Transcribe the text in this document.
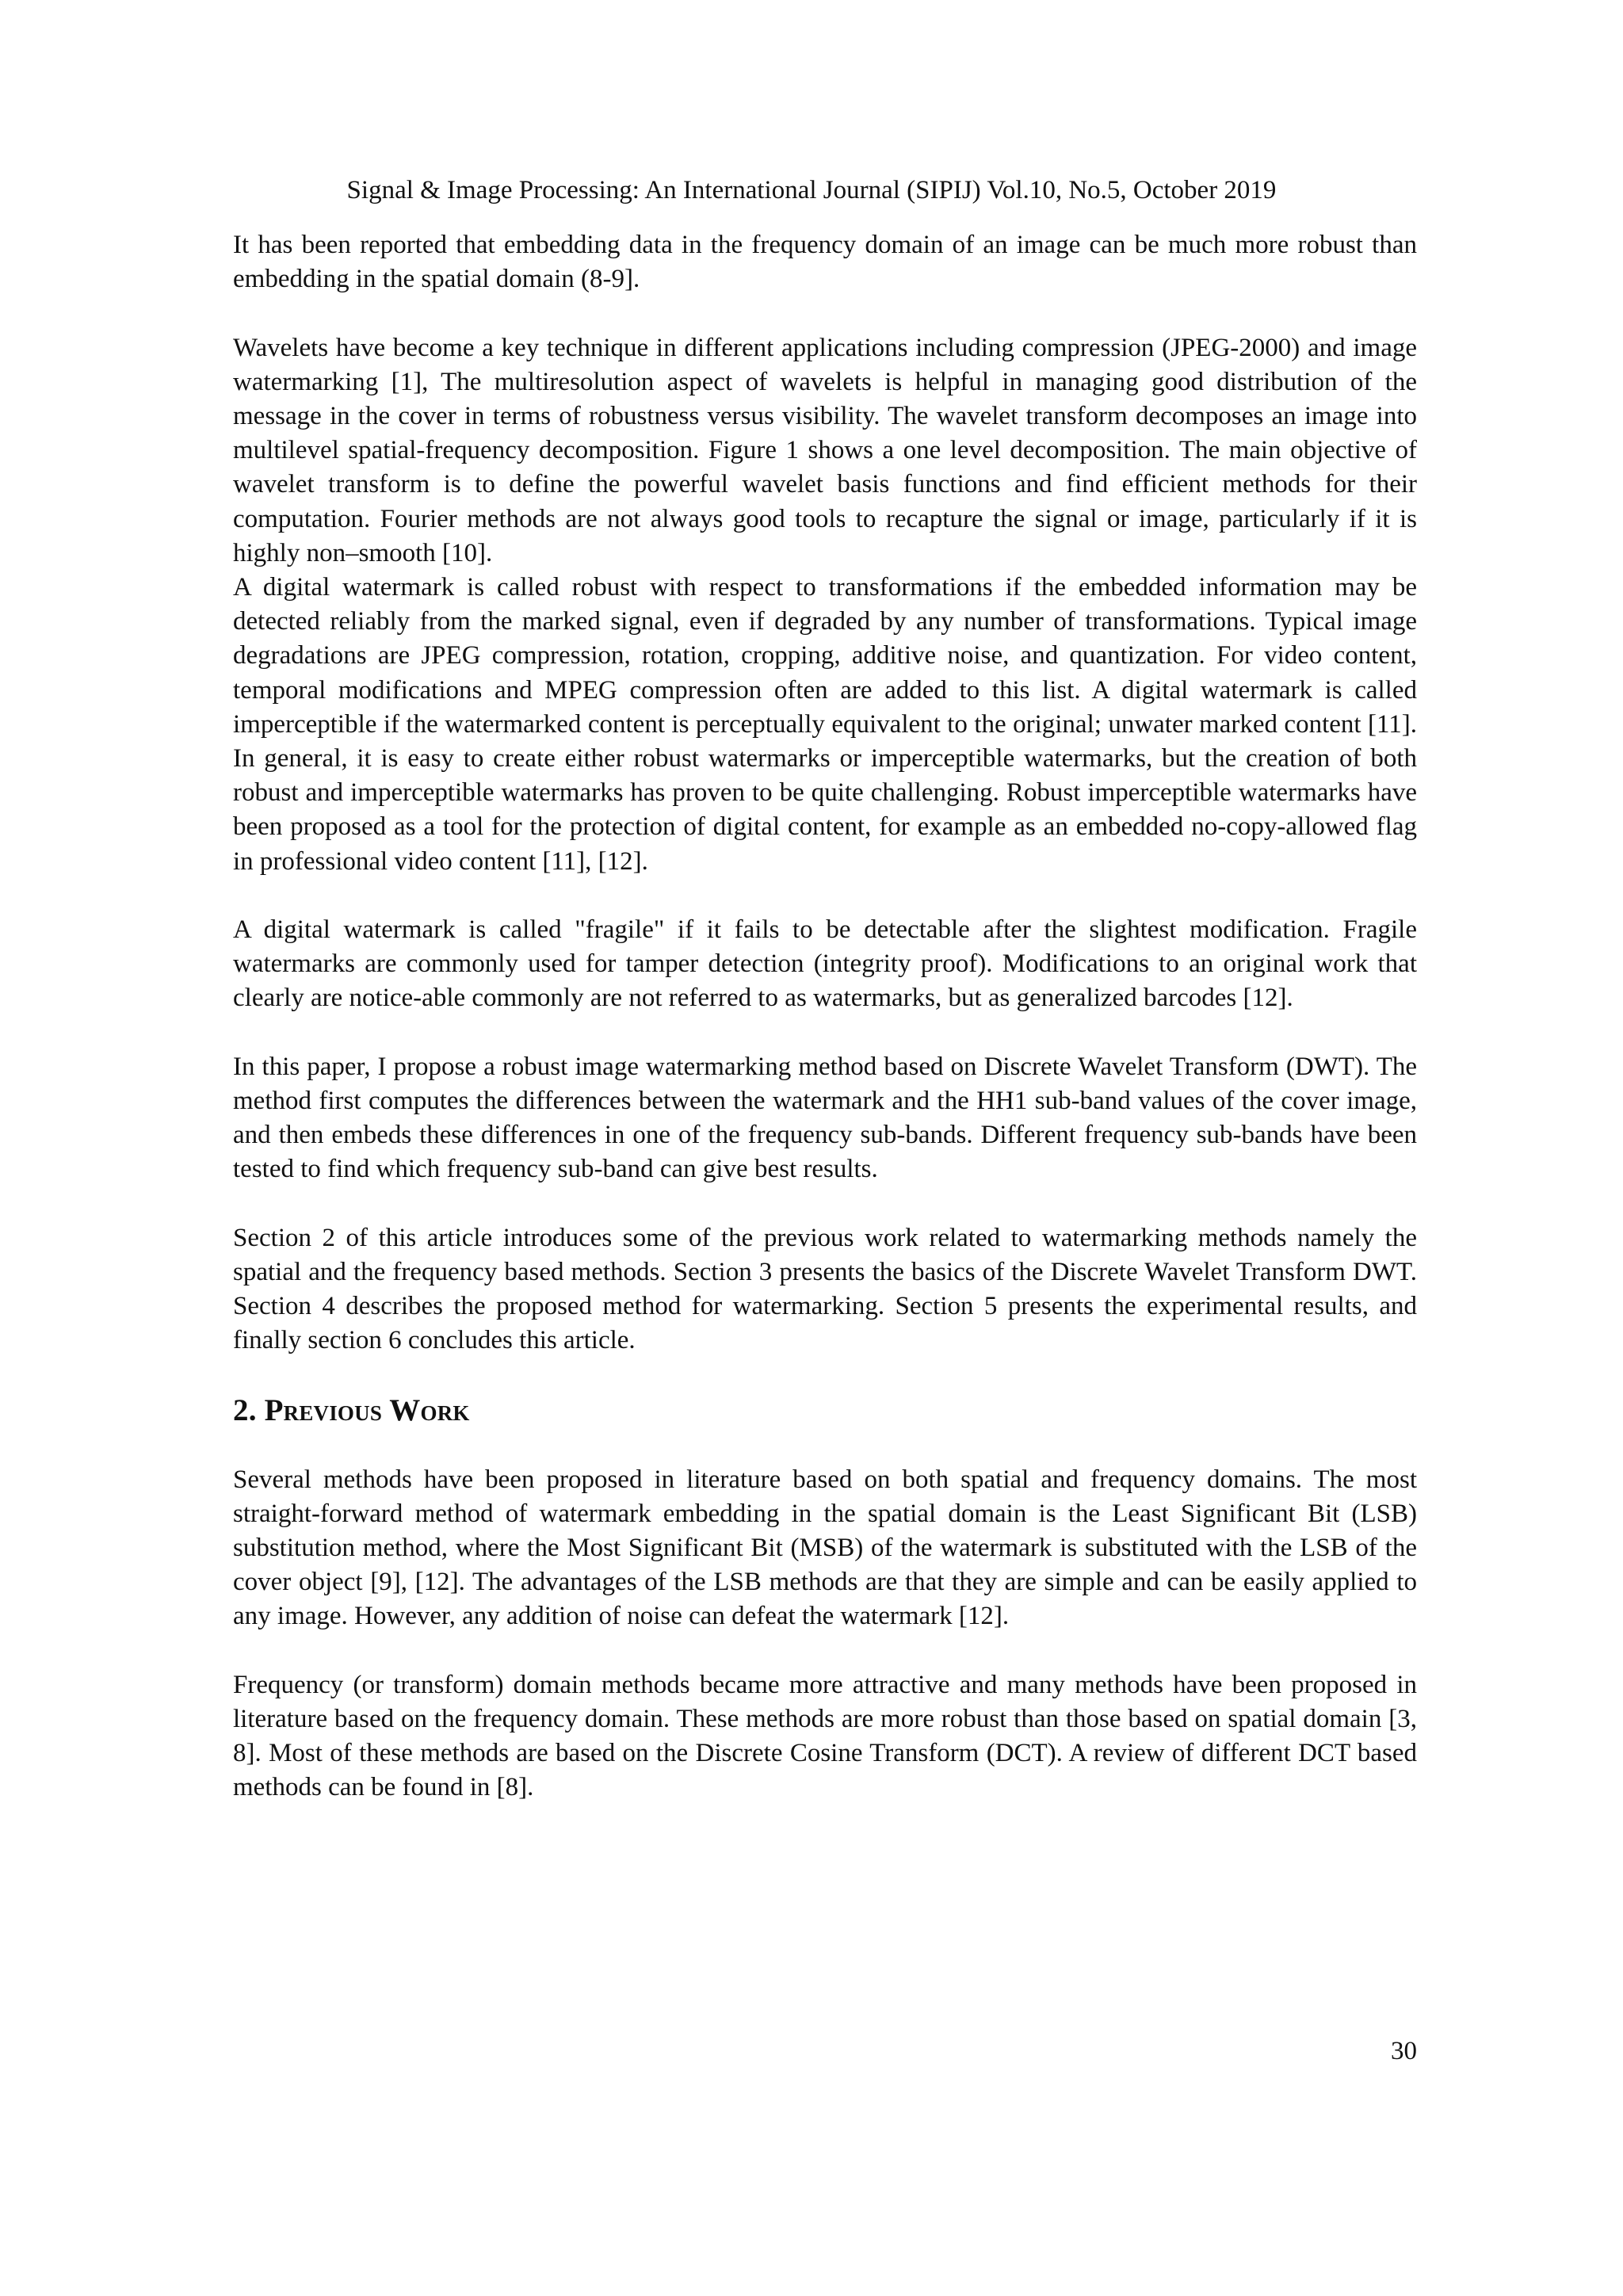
Signal & Image Processing: An International Journal (SIPIJ) Vol.10, No.5, October 2019

It has been reported that embedding data in the frequency domain of an image can be much more robust than embedding in the spatial domain (8-9].

Wavelets have become a key technique in different applications including compression (JPEG-2000) and image watermarking [1], The multiresolution aspect of wavelets is helpful in managing good distribution of the message in the cover in terms of robustness versus visibility. The wavelet transform decomposes an image into multilevel spatial-frequency decomposition. Figure 1 shows a one level decomposition. The main objective of wavelet transform is to define the powerful wavelet basis functions and find efficient methods for their computation. Fourier methods are not always good tools to recapture the signal or image, particularly if it is highly non–smooth [10].

A digital watermark is called robust with respect to transformations if the embedded information may be detected reliably from the marked signal, even if degraded by any number of transformations. Typical image degradations are JPEG compression, rotation, cropping, additive noise, and quantization. For video content, temporal modifications and MPEG compression often are added to this list. A digital watermark is called imperceptible if the watermarked content is perceptually equivalent to the original; unwater marked content [11]. In general, it is easy to create either robust watermarks or imperceptible watermarks, but the creation of both robust and imperceptible watermarks has proven to be quite challenging. Robust imperceptible watermarks have been proposed as a tool for the protection of digital content, for example as an embedded no-copy-allowed flag in professional video content [11], [12].

A digital watermark is called "fragile" if it fails to be detectable after the slightest modification. Fragile watermarks are commonly used for tamper detection (integrity proof). Modifications to an original work that clearly are notice-able commonly are not referred to as watermarks, but as generalized barcodes [12].

In this paper, I propose a robust image watermarking method based on Discrete Wavelet Transform (DWT). The method first computes the differences between the watermark and the HH1 sub-band values of the cover image, and then embeds these differences in one of the frequency sub-bands. Different frequency sub-bands have been tested to find which frequency sub-band can give best results.

Section 2 of this article introduces some of the previous work related to watermarking methods namely the spatial and the frequency based methods. Section 3 presents the basics of the Discrete Wavelet Transform DWT. Section 4 describes the proposed method for watermarking. Section 5 presents the experimental results, and finally section 6 concludes this article.

2. Previous Work

Several methods have been proposed in literature based on both spatial and frequency domains. The most straight-forward method of watermark embedding in the spatial domain is the Least Significant Bit (LSB) substitution method, where the Most Significant Bit (MSB) of the watermark is substituted with the LSB of the cover object [9], [12]. The advantages of the LSB methods are that they are simple and can be easily applied to any image. However, any addition of noise can defeat the watermark [12].

Frequency (or transform) domain methods became more attractive and many methods have been proposed in literature based on the frequency domain. These methods are more robust than those based on spatial domain [3, 8]. Most of these methods are based on the Discrete Cosine Transform (DCT). A review of different DCT based methods can be found in [8].

30
